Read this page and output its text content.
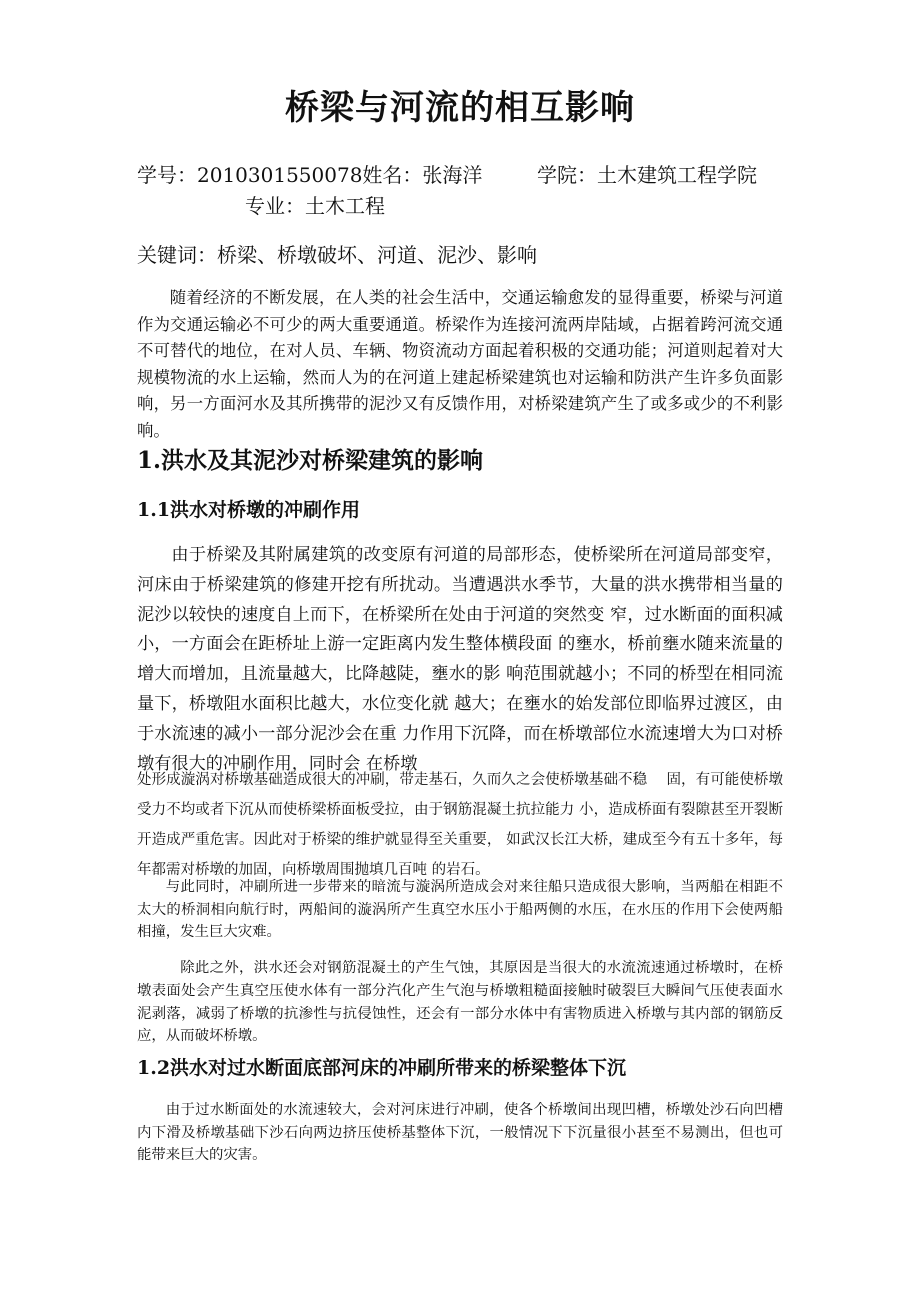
桥梁与河流的相互影响
学号：2010301550078姓名：张海洋	学院：土木建筑工程学院
专业：土木工程
关键词：桥梁、桥墩破坏、河道、泥沙、影响

随着经济的不断发展，在人类的社会生活中，交通运输愈发的显得重要，桥梁与河道作为交通运输必不可少的两大重要通道。桥梁作为连接河流两岸陆域，占据着跨河流交通不可替代的地位，在对人员、车辆、物资流动方面起着积极的交通功能；河道则起着对大规模物流的水上运输，然而人为的在河道上建起桥梁建筑也对运输和防洪产生许多负面影响，另一方面河水及其所携带的泥沙又有反馈作用，对桥梁建筑产生了或多或少的不利影响。

1.洪水及其泥沙对桥梁建筑的影响
1.1洪水对桥墩的冲刷作用

由于桥梁及其附属建筑的改变原有河道的局部形态，使桥梁所在河道局部变窄，河床由于桥梁建筑的修建开挖有所扰动。当遭遇洪水季节，大量的洪水携带相当量的泥沙以较快的速度自上而下，在桥梁所在处由于河道的突然变 窄，过水断面的面积减小，一方面会在距桥址上游一定距离内发生整体横段面 的壅水，桥前壅水随来流量的增大而增加，且流量越大，比降越陡，壅水的影 响范围就越小；不同的桥型在相同流量下，桥墩阻水面积比越大，水位变化就 越大；在壅水的始发部位即临界过渡区，由于水流速的减小一部分泥沙会在重 力作用下沉降，而在桥墩部位水流速增大为口对桥墩有很大的冲刷作用，同时会 在桥墩

处形成漩涡对桥墩基础造成很大的冲刷，带走基石，久而久之会使桥墩基础不稳　 固，有可能使桥墩受力不均或者下沉从而使桥梁桥面板受拉，由于钢筋混凝土抗拉能力 小，造成桥面有裂隙甚至开裂断开造成严重危害。因此对于桥梁的维护就显得至关重要， 如武汉长江大桥，建成至今有五十多年，每年都需对桥墩的加固，向桥墩周围抛填几百吨 的岩石。

与此同时，冲刷所进一步带来的暗流与漩涡所造成会对来往船只造成很大影响，当两船在相距不太大的桥洞相向航行时，两船间的漩涡所产生真空水压小于船两侧的水压，在水压的作用下会使两船相撞，发生巨大灾难。

除此之外，洪水还会对钢筋混凝土的产生气蚀，其原因是当很大的水流流速通过桥墩时，在桥墩表面处会产生真空压使水体有一部分汽化产生气泡与桥墩粗糙面接触时破裂巨大瞬间气压使表面水泥剥落，减弱了桥墩的抗渗性与抗侵蚀性，还会有一部分水体中有害物质进入桥墩与其内部的钢筋反应，从而破坏桥墩。

1.2洪水对过水断面底部河床的冲刷所带来的桥梁整体下沉

由于过水断面处的水流速较大，会对河床进行冲刷，使各个桥墩间出现凹槽，桥墩处沙石向凹槽内下滑及桥墩基础下沙石向两边挤压使桥基整体下沉，一般情况下下沉量很小甚至不易测出，但也可能带来巨大的灾害。
